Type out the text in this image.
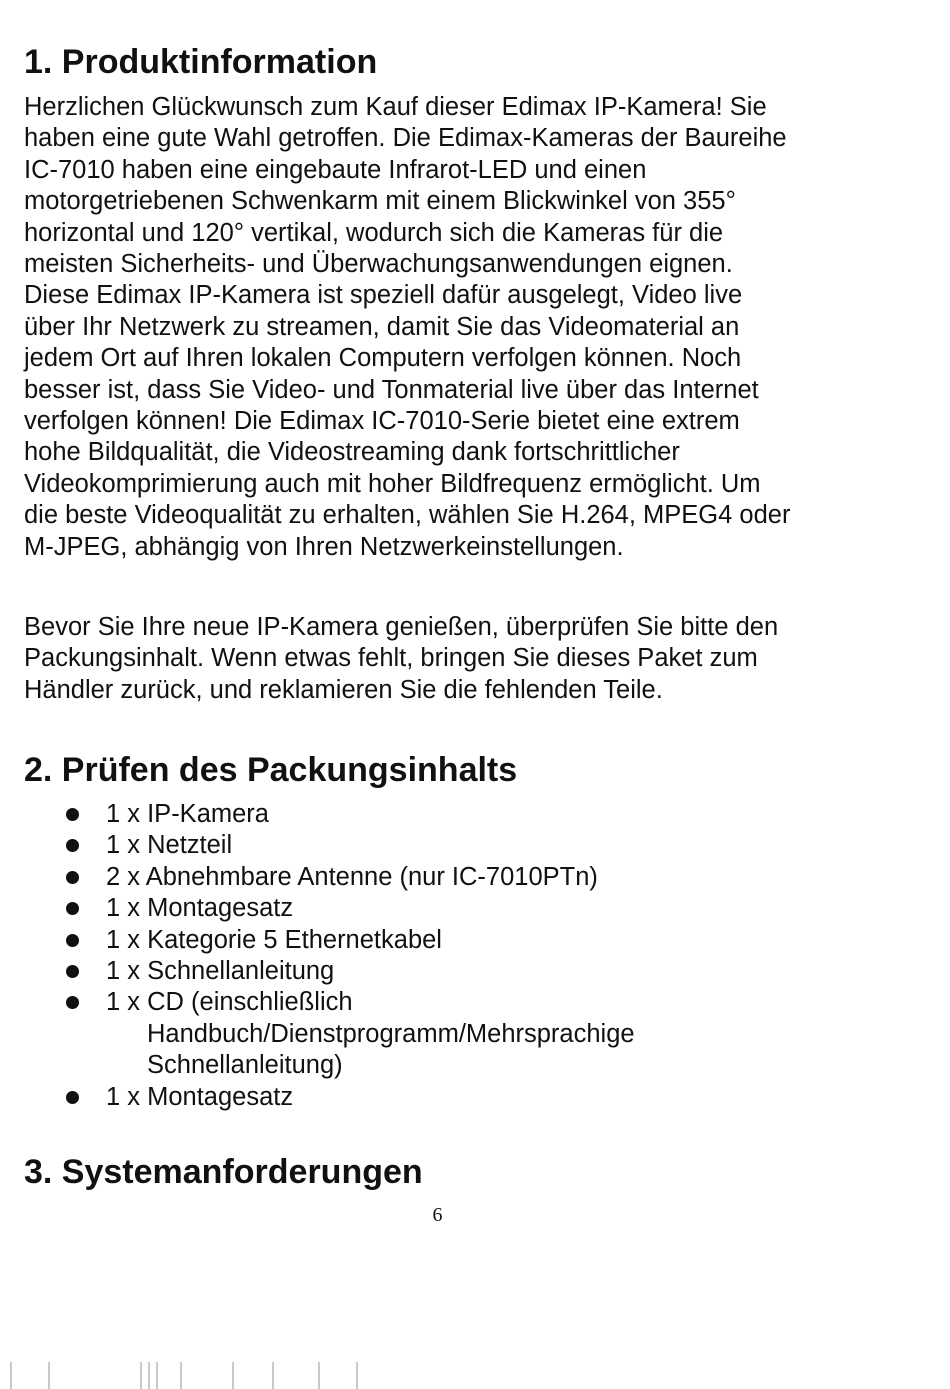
1. Produktinformation

Herzlichen Glückwunsch zum Kauf dieser Edimax IP-Kamera! Sie
haben eine gute Wahl getroffen. Die Edimax-Kameras der Baureihe
IC-7010 haben eine eingebaute Infrarot-LED und einen
motorgetriebenen Schwenkarm mit einem Blickwinkel von 355°
horizontal und 120° vertikal, wodurch sich die Kameras für die
meisten Sicherheits- und Überwachungsanwendungen eignen.
Diese Edimax IP-Kamera ist speziell dafür ausgelegt, Video live
über Ihr Netzwerk zu streamen, damit Sie das Videomaterial an
jedem Ort auf Ihren lokalen Computern verfolgen können. Noch
besser ist, dass Sie Video- und Tonmaterial live über das Internet
verfolgen können! Die Edimax IC-7010-Serie bietet eine extrem
hohe Bildqualität, die Videostreaming dank fortschrittlicher
Videokomprimierung auch mit hoher Bildfrequenz ermöglicht. Um
die beste Videoqualität zu erhalten, wählen Sie H.264, MPEG4 oder
M-JPEG, abhängig von Ihren Netzwerkeinstellungen.

Bevor Sie Ihre neue IP-Kamera genießen, überprüfen Sie bitte den
Packungsinhalt. Wenn etwas fehlt, bringen Sie dieses Paket zum
Händler zurück, und reklamieren Sie die fehlenden Teile.

2. Prüfen des Packungsinhalts
1 x IP-Kamera
1 x Netzteil
2 x Abnehmbare Antenne (nur IC-7010PTn)
1 x Montagesatz
1 x Kategorie 5 Ethernetkabel
1 x Schnellanleitung
1 x CD (einschließlich
Handbuch/Dienstprogramm/Mehrsprachige
Schnellanleitung)
1 x Montagesatz
3. Systemanforderungen
6
